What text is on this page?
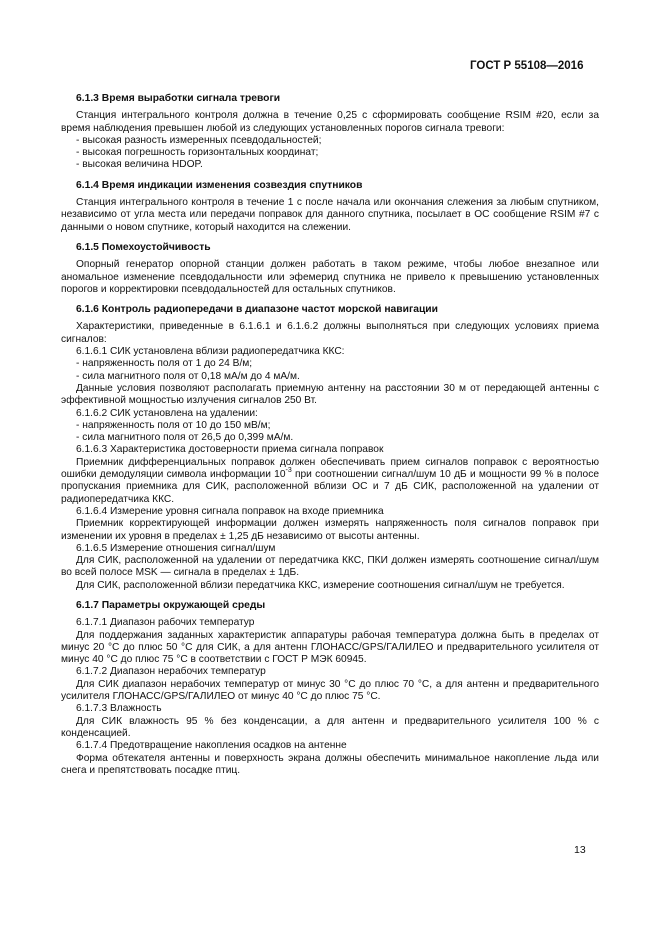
ГОСТ Р 55108—2016
6.1.3 Время выработки сигнала тревоги

Станция интегрального контроля должна в течение 0,25 с сформировать сообщение RSIM #20, если за время наблюдения превышен любой из следующих установленных порогов сигнала тревоги:

- высокая разность измеренных псевдодальностей;

- высокая погрешность горизонтальных координат;

- высокая величина HDOP.

6.1.4 Время индикации изменения созвездия спутников

Станция интегрального контроля в течение 1 с после начала или окончания слежения за любым спутником, независимо от угла места или передачи поправок для данного спутника, посылает в ОС сообщение RSIM #7 с данными о новом спутнике, который находится на слежении.

6.1.5 Помехоустойчивость

Опорный генератор опорной станции должен работать в таком режиме, чтобы любое внезапное или аномальное изменение псевдодальности или эфемерид спутника не привело к превышению установленных порогов и корректировки псевдодальностей для остальных спутников.

6.1.6 Контроль радиопередачи в диапазоне частот морской навигации

Характеристики, приведенные в 6.1.6.1 и 6.1.6.2 должны выполняться при следующих условиях приема сигналов:

6.1.6.1 СИК установлена вблизи радиопередатчика ККС:

- напряженность поля от 1 до 24 В/м;

- сила магнитного поля от 0,18 мА/м до 4 мА/м.

Данные условия позволяют располагать приемную антенну на расстоянии 30 м от передающей антенны с эффективной мощностью излучения сигналов 250 Вт.

6.1.6.2 СИК установлена на удалении:

- напряженность поля от 10 до 150 мВ/м;

- сила магнитного поля от 26,5 до 0,399 мА/м.

6.1.6.3 Характеристика достоверности приема сигнала поправок

Приемник дифференциальных поправок должен обеспечивать прием сигналов поправок с вероятностью ошибки демодуляции символа информации $10^{-3}$ при соотношении сигнал/шум 10 дБ и мощности 99 % в полосе пропускания приемника для СИК, расположенной вблизи ОС и 7 дБ СИК, расположенной на удалении от радиопередатчика ККС.

6.1.6.4 Измерение уровня сигнала поправок на входе приемника

Приемник корректирующей информации должен измерять напряженность поля сигналов поправок при изменении их уровня в пределах ± 1,25 дБ независимо от высоты антенны.

6.1.6.5 Измерение отношения сигнал/шум

Для СИК, расположенной на удалении от передатчика ККС, ПКИ должен измерять соотношение сигнал/шум во всей полосе MSK — сигнала в пределах ± 1дБ.

Для СИК, расположенной вблизи передатчика ККС, измерение соотношения сигнал/шум не требуется.

6.1.7 Параметры окружающей среды

6.1.7.1 Диапазон рабочих температур

Для поддержания заданных характеристик аппаратуры рабочая температура должна быть в пределах от минус 20 °С до плюс 50 °С для СИК, а для антенн ГЛОНАСС/GPS/ГАЛИЛЕО и предварительного усилителя от минус 40 °С до плюс 75 °С в соответствии с ГОСТ Р МЭК 60945.

6.1.7.2 Диапазон нерабочих температур

Для СИК диапазон нерабочих температур от минус 30 °С до плюс 70 °С, а для антенн и предварительного усилителя ГЛОНАСС/GPS/ГАЛИЛЕО от минус 40 °С до плюс 75 °С.

6.1.7.3 Влажность

Для СИК влажность 95 % без конденсации, а для антенн и предварительного усилителя 100 % с конденсацией.

6.1.7.4 Предотвращение накопления осадков на антенне

Форма обтекателя антенны и поверхность экрана должны обеспечить минимальное накопление льда или снега и препятствовать посадке птиц.

13
